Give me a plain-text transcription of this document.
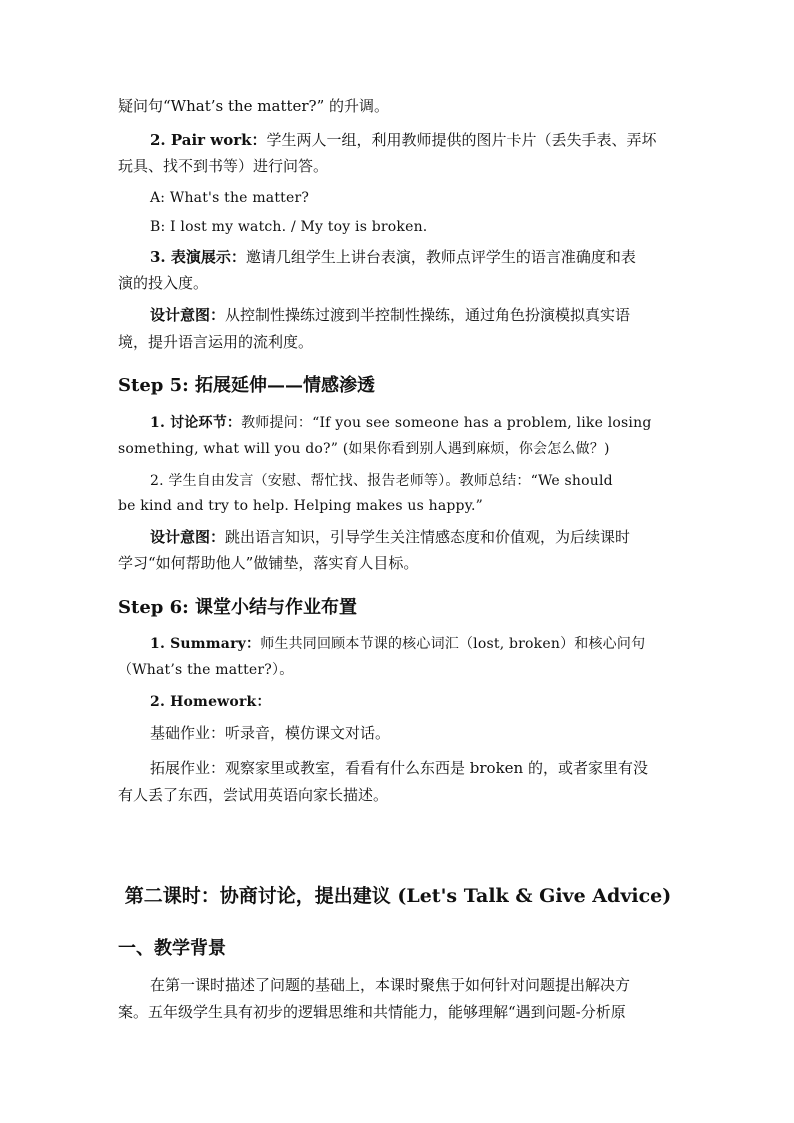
疑问句“What’s the matter?” 的升调。
2. Pair work：学生两人一组，利用教师提供的图片卡片（丢失手表、弄坏
玩具、找不到书等）进行问答。
A: What's the matter?
B: I lost my watch. / My toy is broken.
3. 表演展示：邀请几组学生上讲台表演，教师点评学生的语言准确度和表
演的投入度。
设计意图：从控制性操练过渡到半控制性操练，通过角色扮演模拟真实语
境，提升语言运用的流利度。
Step 5: 拓展延伸——情感渗透
1. 讨论环节：教师提问：“If you see someone has a problem, like losing
something, what will you do?” (如果你看到别人遇到麻烦，你会怎么做？)
2. 学生自由发言（安慰、帮忙找、报告老师等）。教师总结：“We should
be kind and try to help. Helping makes us happy.”
设计意图：跳出语言知识，引导学生关注情感态度和价值观，为后续课时
学习“如何帮助他人”做铺垫，落实育人目标。
Step 6: 课堂小结与作业布置
1. Summary：师生共同回顾本节课的核心词汇（lost, broken）和核心问句
（What’s the matter?）。
2. Homework：
基础作业：听录音，模仿课文对话。
拓展作业：观察家里或教室，看看有什么东西是 broken 的，或者家里有没
有人丢了东西，尝试用英语向家长描述。
第二课时：协商讨论，提出建议 (Let's Talk & Give Advice)
一、教学背景
在第一课时描述了问题的基础上，本课时聚焦于如何针对问题提出解决方
案。五年级学生具有初步的逻辑思维和共情能力，能够理解“遇到问题-分析原
